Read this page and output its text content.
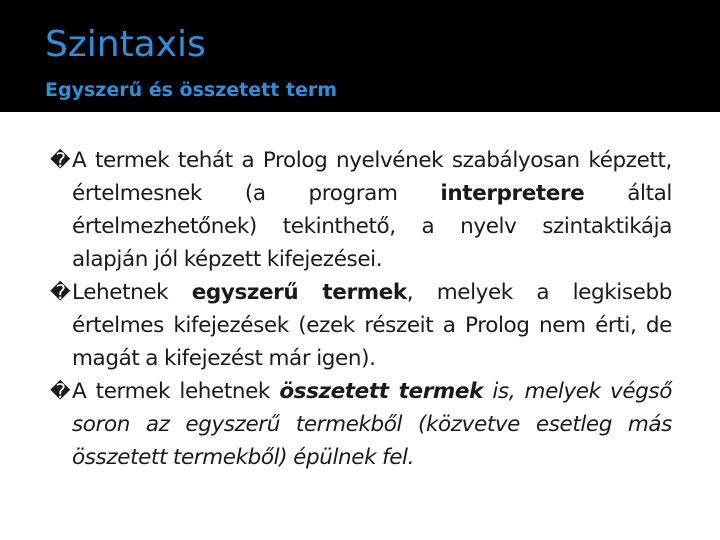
Szintaxis
Egyszerű és összetett term

� A termek tehát a Prolog nyelvének szabályosan képzett, értelmesnek (a program interpretere által értelmezhetőnek) tekinthető, a nyelv szintaktikája alapján jól képzett kifejezései.

� Lehetnek egyszerű termek, melyek a legkisebb értelmes kifejezések (ezek részeit a Prolog nem érti, de magát a kifejezést már igen).

� A termek lehetnek összetett termek is, melyek végső soron az egyszerű termekből (közvetve esetleg más összetett termekből) épülnek fel.
